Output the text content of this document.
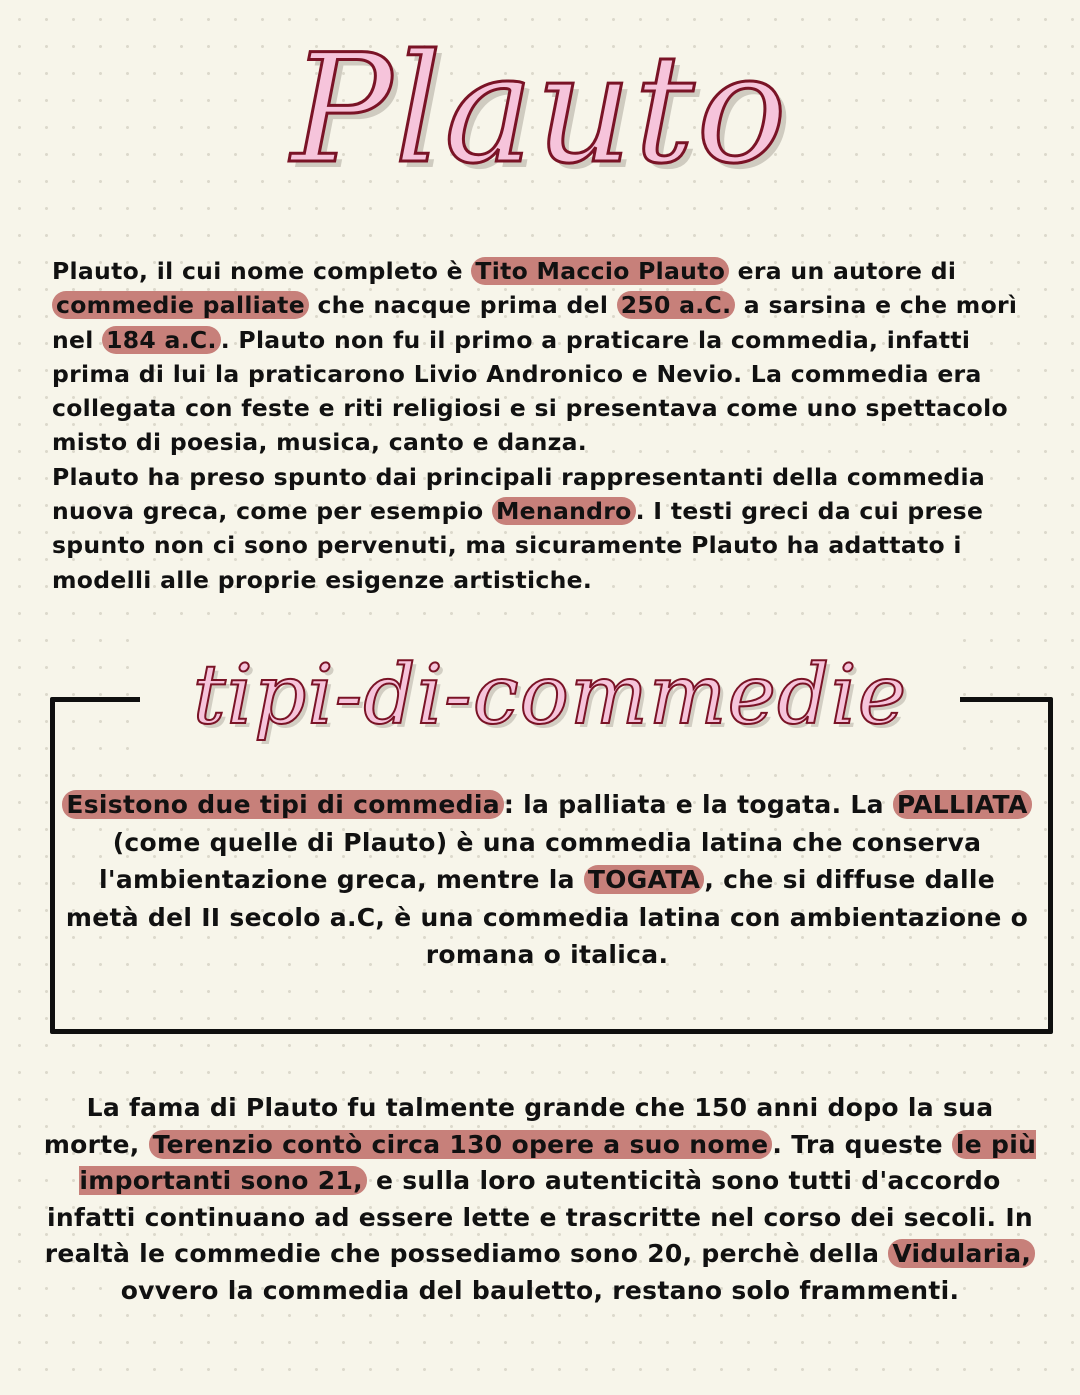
Plauto

Plauto, il cui nome completo è Tito Maccio Plauto era un autore di commedie palliate che nacque prima del 250 a.C. a sarsina e che morì nel 184 a.C. . Plauto non fu il primo a praticare la commedia, infatti prima di lui la praticarono Livio Andronico e Nevio. La commedia era collegata con feste e riti religiosi e si presentava come uno spettacolo misto di poesia, musica, canto e danza.
Plauto ha preso spunto dai principali rappresentanti della commedia nuova greca, come per esempio Menandro . I testi greci da cui prese spunto non ci sono pervenuti, ma sicuramente Plauto ha adattato i modelli alle proprie esigenze artistiche.

tipi-di-commedie

Esistono due tipi di commedia : la palliata e la togata. La PALLIATA (come quelle di Plauto) è una commedia latina che conserva l'ambientazione greca, mentre la TOGATA , che si diffuse dalle metà del II secolo a.C, è una commedia latina con ambientazione o romana o italica.

La fama di Plauto fu talmente grande che 150 anni dopo la sua morte, Terenzio contò circa 130 opere a suo nome . Tra queste le più importanti sono 21, e sulla loro autenticità sono tutti d'accordo infatti continuano ad essere lette e trascritte nel corso dei secoli. In realtà le commedie che possediamo sono 20, perchè della Vidularia, ovvero la commedia del bauletto, restano solo frammenti.
